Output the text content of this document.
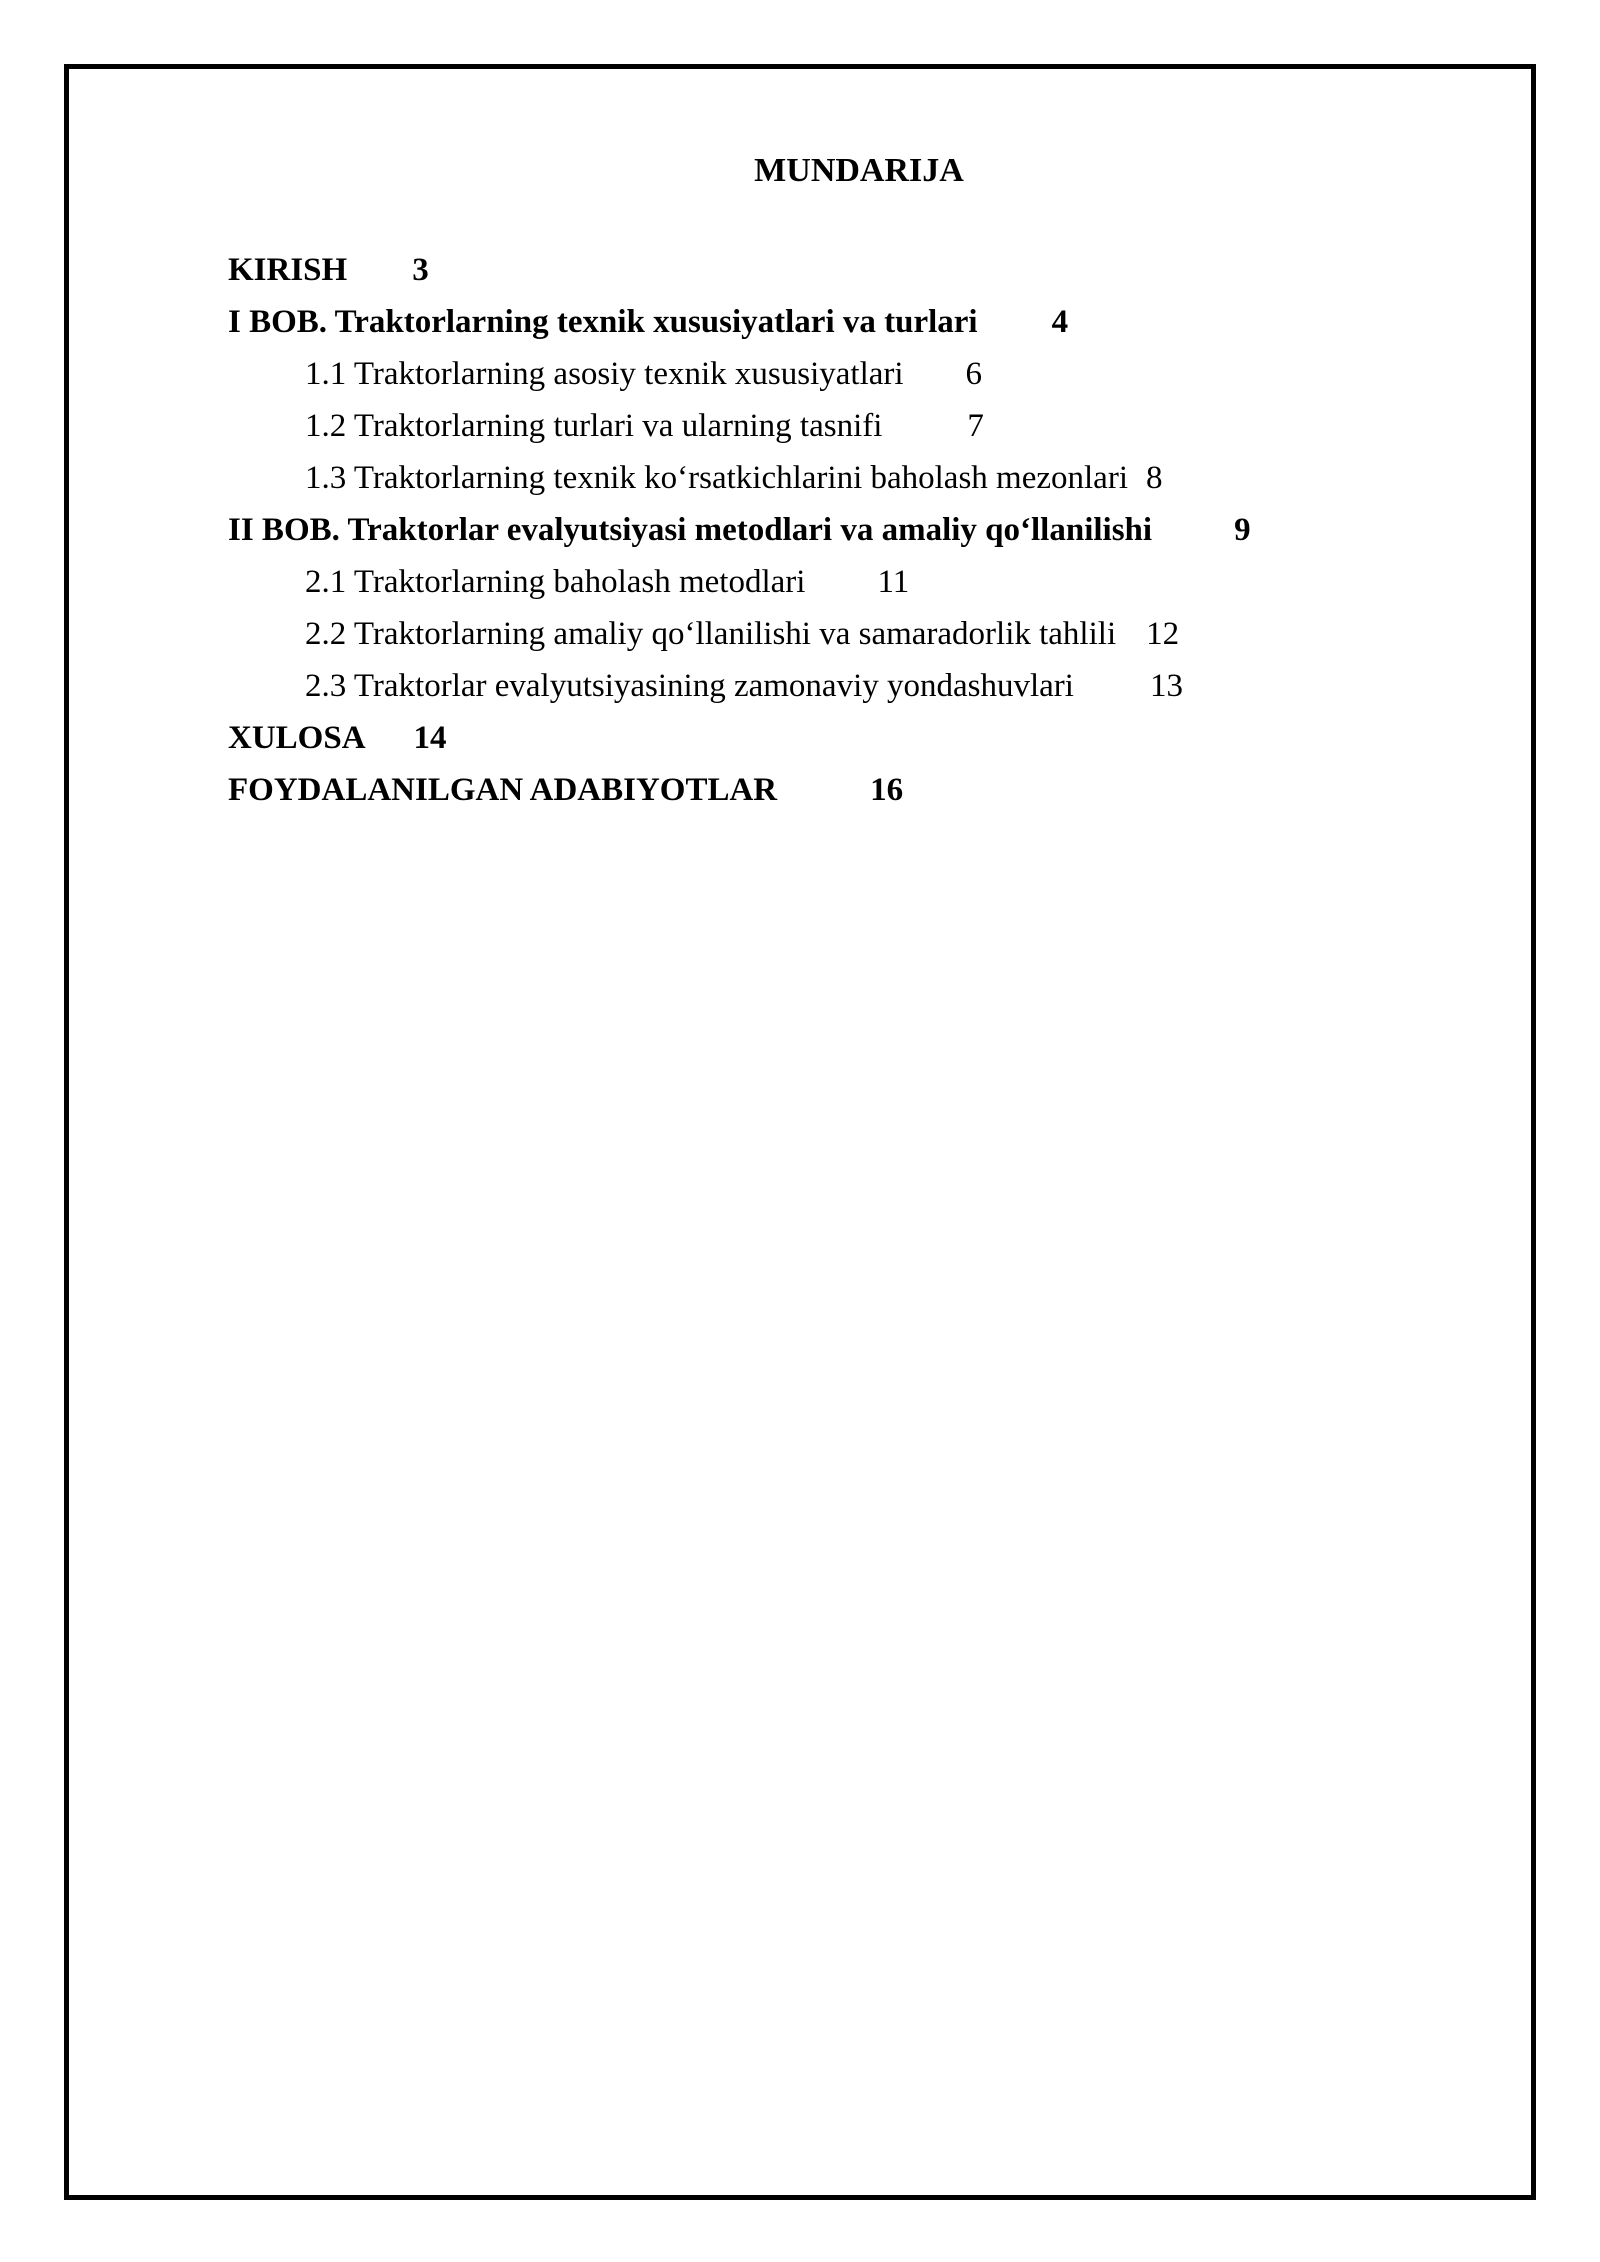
MUNDARIJA
KIRISH 3
I BOB. Traktorlarning texnik xususiyatlari va turlari 4
1.1 Traktorlarning asosiy texnik xususiyatlari 6
1.2 Traktorlarning turlari va ularning tasnifi	7
1.3 Traktorlarning texnik ko‘rsatkichlarini baholash mezonlari 8
II BOB. Traktorlar evalyutsiyasi metodlari va amaliy qo‘llanilishi 9
2.1 Traktorlarning baholash metodlari 11
2.2 Traktorlarning amaliy qo‘llanilishi va samaradorlik tahlili 12
2.3 Traktorlar evalyutsiyasining zamonaviy yondashuvlari 13
XULOSA 14
FOYDALANILGAN ADABIYOTLAR	16
